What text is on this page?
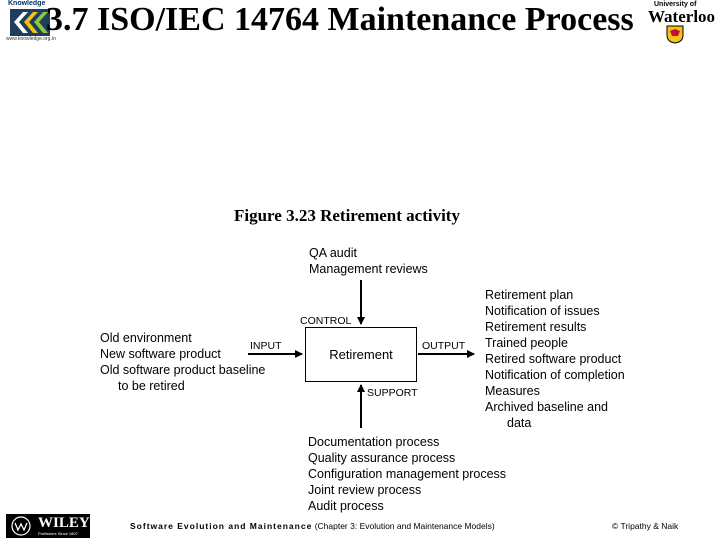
Knowledge
www.knowledge.org.in
3.7 ISO/IEC 14764 Maintenance Process	University of
Waterloo
Figure 3.23 Retirement activity
QA audit
Management reviews
Old environment
New software product
Old software product baseline
to be retired
Retirement plan
Notification of issues
Retirement results
Trained people
Retired software product
Notification of completion
Measures
Archived baseline and
data
Documentation process
Quality assurance process
Configuration management process
Joint review process
Audit process
Retirement
CONTROL
INPUT	OUTPUT
SUPPORT
WILEY
Publishers Since 1807
Software Evolution and Maintenance (Chapter 3: Evolution and Maintenance Models)	© Tripathy & Naik
